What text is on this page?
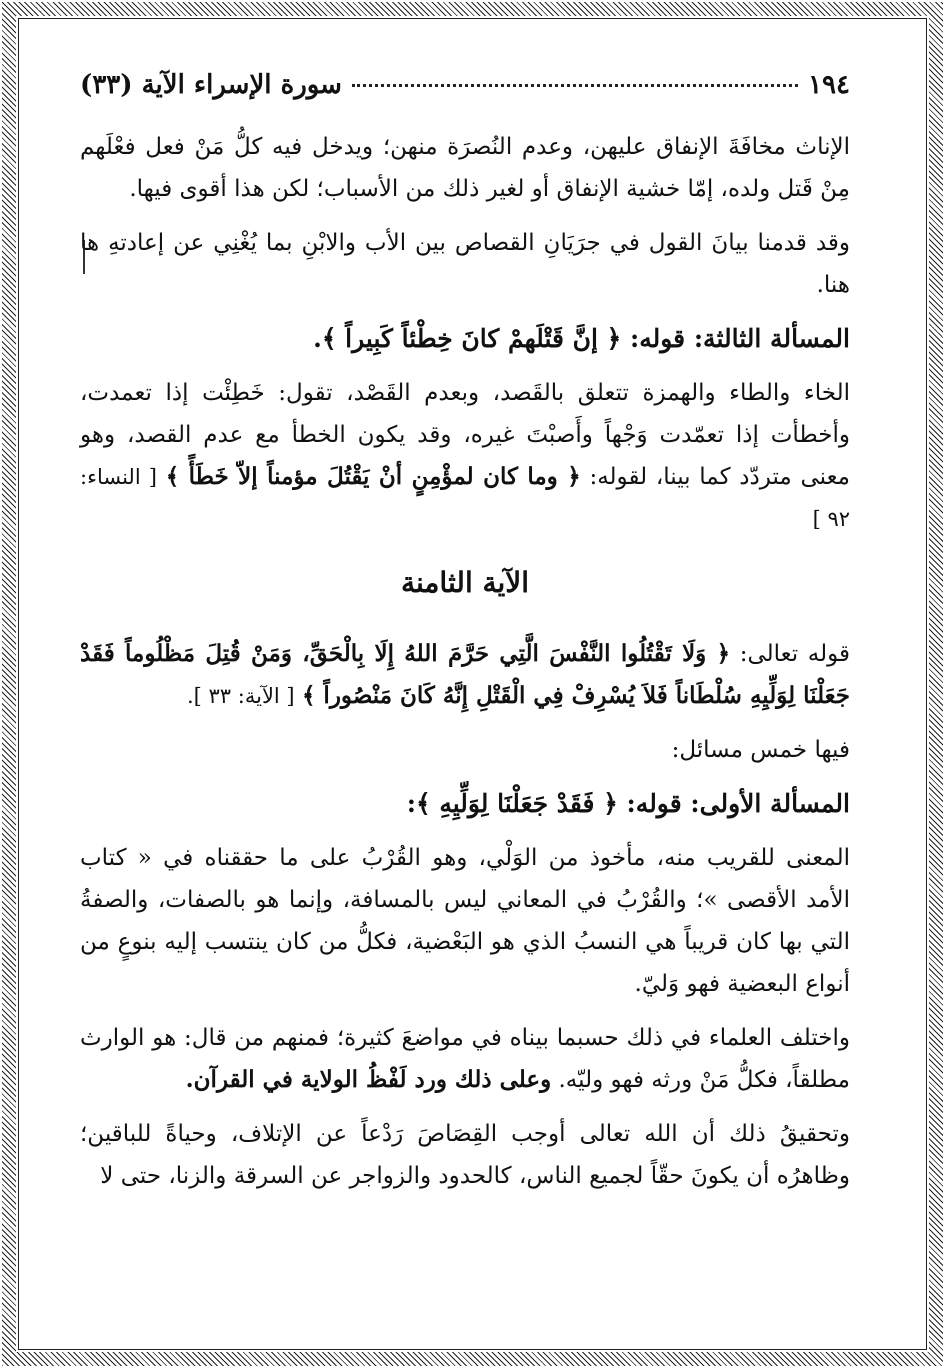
١٩٤
سورة الإسراء الآية (٣٣)

الإناث مخافَةَ الإنفاق عليهن، وعدم النُصرَة منهن؛ ويدخل فيه كلُّ مَنْ فعل فعْلَهم مِنْ قَتل ولده، إمّا خشية الإنفاق أو لغير ذلك من الأسباب؛ لكن هذا أقوى فيها.

وقد قدمنا بيانَ القول في جرَيَانِ القصاص بين الأب والابْنِ بما يُغْنِي عن إعادتهِ ها هنا.

المسألة الثالثة: قوله: ﴿ إنَّ قَتْلَهمْ كانَ خِطْئاً كَبِيراً ﴾.

الخاء والطاء والهمزة تتعلق بالقَصد، وبعدم القَصْد، تقول: خَطِئْت إذا تعمدت، وأخطأت إذا تعمّدت وَجْهاً وأَصبْتَ غيره، وقد يكون الخطأ مع عدم القصد، وهو معنى متردّد كما بينا، لقوله: ﴿ وما كان لمؤْمِنٍ أنْ يَقْتُلَ مؤمناً إلاّ خَطَأً ﴾ [ النساء: ٩٢ ]

الآية الثامنة

قوله تعالى: ﴿ وَلَا تَقْتُلُوا النَّفْسَ الَّتِي حَرَّمَ اللهُ إِلَا بِالْحَقِّ، وَمَنْ قُتِلَ مَظْلُوماً فَقَدْ جَعَلْنَا لِوَلِّيِهِ سُلْطَاناً فَلاَ يُسْرِفْ فِي الْقَتْلِ إِنَّهُ كَانَ مَنْصُوراً ﴾ [ الآية: ٣٣ ].

فيها خمس مسائل:

المسألة الأولى: قوله: ﴿ فَقَدْ جَعَلْنَا لِوَلِّيِهِ ﴾:

المعنى للقريب منه، مأخوذ من الوَلْي، وهو القُرْبُ على ما حققناه في « كتاب الأمد الأقصى »؛ والقُرْبُ في المعاني ليس بالمسافة، وإنما هو بالصفات، والصفةُ التي بها كان قريباً هي النسبُ الذي هو البَعْضية، فكلُّ من كان ينتسب إليه بنوعٍ من أنواع البعضية فهو وَليّ.

واختلف العلماء في ذلك حسبما بيناه في مواضعَ كثيرة؛ فمنهم من قال: هو الوارث مطلقاً، فكلُّ مَنْ ورثه فهو وليّه. وعلى ذلك ورد لَفْظُ الولاية في القرآن.

وتحقيقُ ذلك أن الله تعالى أوجب القِصَاصَ رَدْعاً عن الإتلاف، وحياةً للباقين؛ وظاهرُه أن يكونَ حقّاً لجميع الناس، كالحدود والزواجر عن السرقة والزنا، حتى لا
